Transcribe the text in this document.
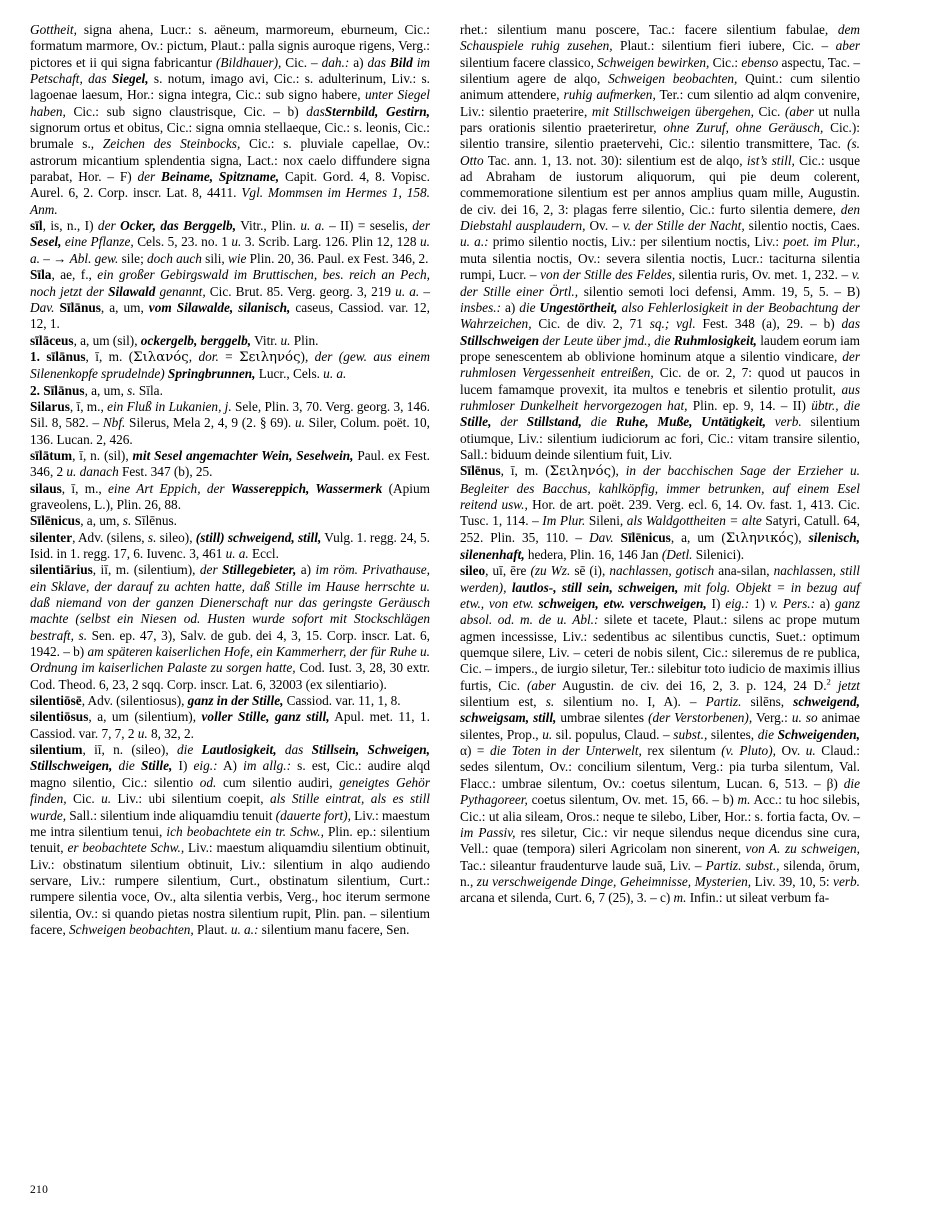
Gottheit, signa ahena, Lucr.: s. aëneum, marmoreum, eburneum, Cic.: formatum marmore, Ov.: pictum, Plaut.: palla signis auroque rigens, Verg.: pictores et ii qui signa fabricantur (Bildhauer), Cic. – dah.: a) das Bild im Petschaft, das Siegel, s. notum, imago avi, Cic.: s. adulterinum, Liv.: s. lagoenae laesum, Hor.: signa integra, Cic.: sub signo habere, unter Siegel haben, Cic.: sub signo claustrisque, Cic. – b) dasSternbild, Gestirn, signorum ortus et obitus, Cic.: signa omnia stellaeque, Cic.: s. leonis, Cic.: brumale s., Zeichen des Steinbocks, Cic.: s. pluviale capellae, Ov.: astrorum micantium splendentia signa, Lact.: nox caelo diffundere signa parabat, Hor. – F) der Beiname, Spitzname, Capit. Gord. 4, 8. Vopisc. Aurel. 6, 2. Corp. inscr. Lat. 8, 4411. Vgl. Mommsen im Hermes 1, 158. Anm.

sīl, is, n., I) der Ocker, das Berggelb, Vitr., Plin. u. a. – II) = seselis, der Sesel, eine Pflanze, Cels. 5, 23. no. 1 u. 3. Scrib. Larg. 126. Plin 12, 128 u. a. – → Abl. gew. sile; doch auch sili, wie Plin. 20, 36. Paul. ex Fest. 346, 2.

Sīla, ae, f., ein großer Gebirgswald im Bruttischen, bes. reich an Pech, noch jetzt der Silawald genannt, Cic. Brut. 85. Verg. georg. 3, 219 u. a. – Dav. Sīlānus, a, um, vom Silawalde, silanisch, caseus, Cassiod. var. 12, 12, 1.

sīlāceus, a, um (sil), ockergelb, berggelb, Vitr. u. Plin.

1. sīlānus, ī, m. (Σιλανός, dor. = Σειληνός), der (gew. aus einem Silenenkopfe sprudelnde) Springbrunnen, Lucr., Cels. u. a.

2. Sīlānus, a, um, s. Sīla.

Silarus, ī, m., ein Fluß in Lukanien, j. Sele, Plin. 3, 70. Verg. georg. 3, 146. Sil. 8, 582. – Nbf. Silerus, Mela 2, 4, 9 (2. § 69). u. Siler, Colum. poët. 10, 136. Lucan. 2, 426.

sīlātum, ī, n. (sil), mit Sesel angemachter Wein, Seselwein, Paul. ex Fest. 346, 2 u. danach Fest. 347 (b), 25.

silaus, ī, m., eine Art Eppich, der Wassereppich, Wassermerk (Apium graveolens, L.), Plin. 26, 88.

Sīlēnicus, a, um, s. Sīlēnus.

silenter, Adv. (silens, s. sileo), (still) schweigend, still, Vulg. 1. regg. 24, 5. Isid. in 1. regg. 17, 6. Iuvenc. 3, 461 u. a. Eccl.

silentiārius, iī, m. (silentium), der Stillegebieter, a) im röm. Privathause, ein Sklave, der darauf zu achten hatte, daß Stille im Hause herrschte u. daß niemand von der ganzen Dienerschaft nur das geringste Geräusch machte (selbst ein Niesen od. Husten wurde sofort mit Stockschlägen bestraft, s. Sen. ep. 47, 3), Salv. de gub. dei 4, 3, 15. Corp. inscr. Lat. 6, 1942. – b) am späteren kaiserlichen Hofe, ein Kammerherr, der für Ruhe u. Ordnung im kaiserlichen Palaste zu sorgen hatte, Cod. Iust. 3, 28, 30 extr. Cod. Theod. 6, 23, 2 sqq. Corp. inscr. Lat. 6, 32003 (ex silentiario).

silentiōsē, Adv. (silentiosus), ganz in der Stille, Cassiod. var. 11, 1, 8.

silentiōsus, a, um (silentium), voller Stille, ganz still, Apul. met. 11, 1. Cassiod. var. 7, 7, 2 u. 8, 32, 2.

silentium, iī, n. (sileo), die Lautlosigkeit, das Stillsein, Schweigen, Stillschweigen, die Stille, I) eig.: A) im allg.: s. est, Cic.: audire alqd magno silentio, Cic.: silentio od. cum silentio audiri, geneigtes Gehör finden, Cic. u. Liv.: ubi silentium coepit, als Stille eintrat, als es still wurde, Sall.: silentium inde aliquamdiu tenuit (dauerte fort), Liv.: maestum me intra silentium tenui, ich beobachtete ein tr. Schw., Plin. ep.: silentium tenuit, er beobachtete Schw., Liv.: maestum aliquamdiu silentium obtinuit, Liv.: obstinatum silentium obtinuit, Liv.: silentium in alqo audiendo servare, Liv.: rumpere silentium, Curt., obstinatum silentium, Curt.: rumpere silentia voce, Ov., alta silentia verbis, Verg., hoc iterum sermone silentia, Ov.: si quando pietas nostra silentium rupit, Plin. pan. – silentium facere, Schweigen beobachten, Plaut. u. a.: silentium manu facere, Sen.

rhet.: silentium manu poscere, Tac.: facere silentium fabulae, dem Schauspiele ruhig zusehen, Plaut.: silentium fieri iubere, Cic. – aber silentium facere classico, Schweigen bewirken, Cic.: ebenso aspectu, Tac. – silentium agere de alqo, Schweigen beobachten, Quint.: cum silentio animum attendere, ruhig aufmerken, Ter.: cum silentio ad alqm convenire, Liv.: silentio praeterire, mit Stillschweigen übergehen, Cic. (aber ut nulla pars orationis silentio praeteriretur, ohne Zuruf, ohne Geräusch, Cic.): silentio transire, silentio praetervehi, Cic.: silentio transmittere, Tac. (s. Otto Tac. ann. 1, 13. not. 30): silentium est de alqo, ist’s still, Cic.: usque ad Abraham de iustorum aliquorum, qui pie deum colerent, commemoratione silentium est per annos amplius quam mille, Augustin. de civ. dei 16, 2, 3: plagas ferre silentio, Cic.: furto silentia demere, den Diebstahl ausplaudern, Ov. – v. der Stille der Nacht, silentio noctis, Caes. u. a.: primo silentio noctis, Liv.: per silentium noctis, Liv.: poet. im Plur., muta silentia noctis, Ov.: severa silentia noctis, Lucr.: taciturna silentia rumpi, Lucr. – von der Stille des Feldes, silentia ruris, Ov. met. 1, 232. – v. der Stille einer Örtl., silentio semoti loci defensi, Amm. 19, 5, 5. – B) insbes.: a) die Ungestörtheit, also Fehlerlosigkeit in der Beobachtung der Wahrzeichen, Cic. de div. 2, 71 sq.; vgl. Fest. 348 (a), 29. – b) das Stillschweigen der Leute über jmd., die Ruhmlosigkeit, laudem eorum iam prope senescentem ab oblivione hominum atque a silentio vindicare, der ruhmlosen Vergessenheit entreißen, Cic. de or. 2, 7: quod ut paucos in lucem famamque provexit, ita multos e tenebris et silentio protulit, aus ruhmloser Dunkelheit hervorgezogen hat, Plin. ep. 9, 14. – II) übtr., die Stille, der Stillstand, die Ruhe, Muße, Untätigkeit, verb. silentium otiumque, Liv.: silentium iudiciorum ac fori, Cic.: vitam transire silentio, Sall.: biduum deinde silentium fuit, Liv.

Sīlēnus, ī, m. (Σειληνός), in der bacchischen Sage der Erzieher u. Begleiter des Bacchus, kahlköpfig, immer betrunken, auf einem Esel reitend usw., Hor. de art. poët. 239. Verg. ecl. 6, 14. Ov. fast. 1, 413. Cic. Tusc. 1, 114. – Im Plur. Sileni, als Waldgottheiten = alte Satyri, Catull. 64, 252. Plin. 35, 110. – Dav. Sīlēnicus, a, um (Σιληνικός), silenisch, silenenhaft, hedera, Plin. 16, 146 Jan (Detl. Silenici).

sileo, uī, ēre (zu Wz. sē (i), nachlassen, gotisch ana-silan, nachlassen, still werden), lautlos-, still sein, schweigen, mit folg. Objekt = in bezug auf etw., von etw. schweigen, etw. verschweigen, I) eig.: 1) v. Pers.: a) ganz absol. od. m. de u. Abl.: silete et tacete, Plaut.: silens ac prope mutum agmen incessisse, Liv.: sedentibus ac silentibus cunctis, Suet.: optimum quemque silere, Liv. – ceteri de nobis silent, Cic.: sileremus de re publica, Cic. – impers., de iurgio siletur, Ter.: silebitur toto iudicio de maximis illius furtis, Cic. (aber Augustin. de civ. dei 16, 2, 3. p. 124, 24 D.$^2$ jetzt silentium est, s. silentium no. I, A). – Partiz. silēns, schweigend, schweigsam, still, umbrae silentes (der Verstorbenen), Verg.: u. so animae silentes, Prop., u. sil. populus, Claud. – subst., silentes, die Schweigenden, α) = die Toten in der Unterwelt, rex silentum (v. Pluto), Ov. u. Claud.: sedes silentum, Ov.: concilium silentum, Verg.: pia turba silentum, Val. Flacc.: umbrae silentum, Ov.: coetus silentum, Lucan. 6, 513. – β) die Pythagoreer, coetus silentum, Ov. met. 15, 66. – b) m. Acc.: tu hoc silebis, Cic.: ut alia sileam, Oros.: neque te silebo, Liber, Hor.: s. fortia facta, Ov. – im Passiv, res siletur, Cic.: vir neque silendus neque dicendus sine cura, Vell.: quae (tempora) sileri Agricolam non sinerent, von A. zu schweigen, Tac.: sileantur fraudenturve laude suā, Liv. – Partiz. subst., silenda, ōrum, n., zu verschweigende Dinge, Geheimnisse, Mysterien, Liv. 39, 10, 5: verb. arcana et silenda, Curt. 6, 7 (25), 3. – c) m. Infin.: ut sileat verbum fa-

210
